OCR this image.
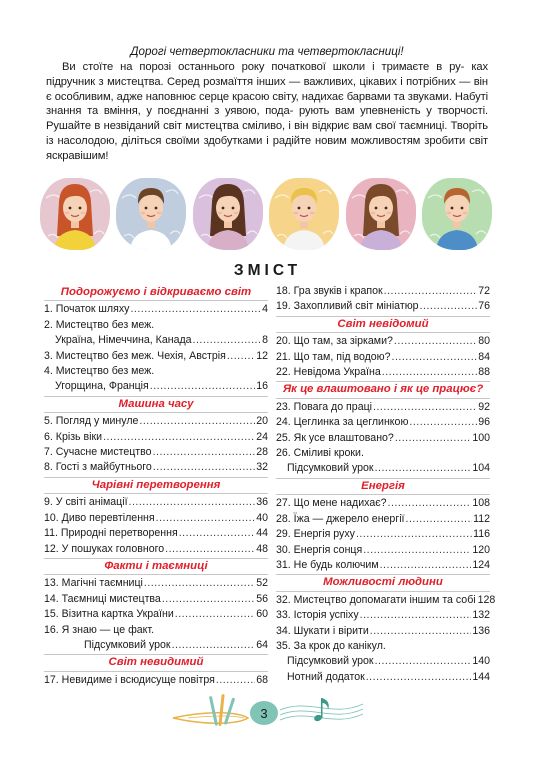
Дорогі четвертокласники та четвертокласниці!

Ви стоїте на порозі останнього року початкової школи і тримаєте в ру- ках підручник з мистецтва. Серед розмаїття інших — важливих, цікавих і потрібних — він є особливим, адже наповнює серце красою світу, надихає барвами та звуками. Набуті знання та вміння, у поєднанні з уявою, пода- рують вам упевненість у творчості. Рушайте в незвіданий світ мистецтва сміливо, і він відкриє вам свої таємниці. Творіть із насолодою, діліться своїми здобутками і радійте новим можливостям зробити світ яскравішим!

ЗМІСТ
Подорожуємо і відкриваємо світ
1. Початок шляху .....	4
2. Мистецтво без меж.
Україна, Німеччина, Канада .....	8
3. Мистецтво без меж. Чехія, Австрія .....	12
4. Мистецтво без меж.
Угорщина, Франція .....	16
Машина часу
5. Погляд у минуле .....	20
6. Крізь віки .....	24
7. Сучасне мистецтво .....	28
8. Гості з майбутнього .....	32
Чарівні перетворення
9. У світі анімації .....	36
10. Диво перевтілення .....	40
11. Природні перетворення .....	44
12. У пошуках головного .....	48
Факти і таємниці
13. Магічні таємниці .....	52
14. Таємниці мистецтва .....	56
15. Візитна картка України .....	60
16. Я знаю — це факт.
Підсумковий урок .....	64
Світ невидимий
17. Невидиме і всюдисуще повітря .....	68
18. Гра звуків і крапок .....	72
19. Захопливий світ мініатюр .....	76
Світ невідомий
20. Що там, за зірками? .....	80
21. Що там, під водою? .....	84
22. Невідома Україна .....	88
Як це влаштовано і як це працює?
23. Повага до праці .....	92
24. Цеглинка за цеглинкою .....	96
25. Як усе влаштовано? .....	100
26. Сміливі кроки.
Підсумковий урок .....	104
Енергія
27. Що мене надихає? .....	108
28. Їжа — джерело енергії .....	112
29. Енергія руху .....	116
30. Енергія сонця .....	120
31. Не будь колючим .....	124
Можливості людини
32. Мистецтво допомагати іншим та собі 128
33. Історія успіху .....	132
34. Шукати і вірити .....	136
35. За крок до канікул.
Підсумковий урок .....	140
Нотний додаток .....	144
3
